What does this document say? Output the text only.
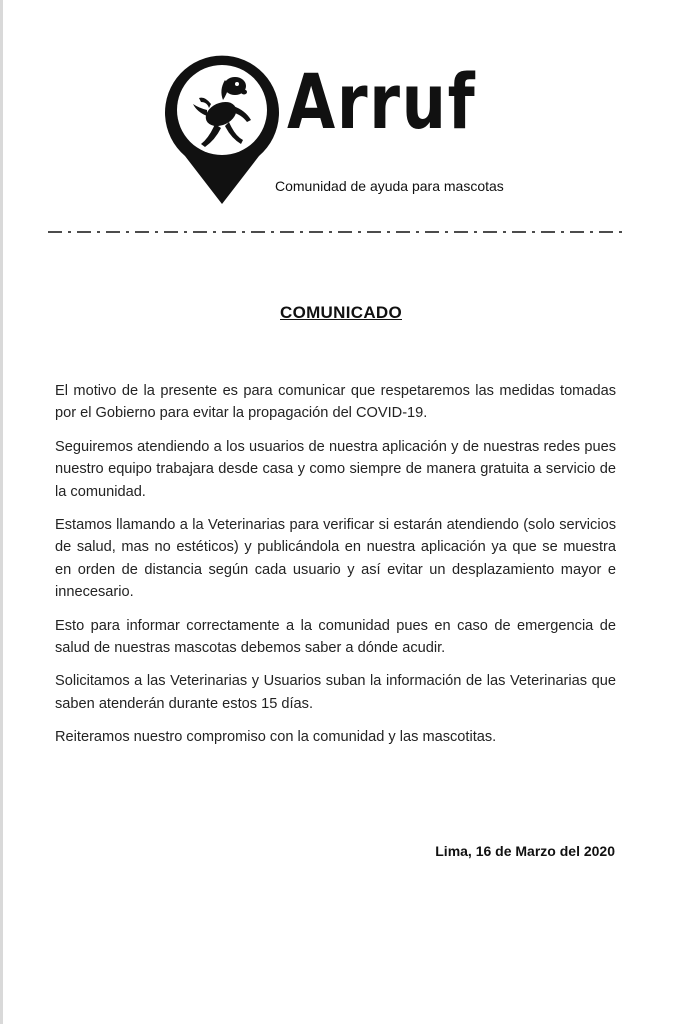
Arruf
Comunidad de ayuda para mascotas
COMUNICADO

El motivo de la presente es para comunicar que respetaremos las medidas tomadas por el Gobierno para evitar la propagación del COVID-19.

Seguiremos atendiendo a los usuarios de nuestra aplicación y de nuestras redes pues nuestro equipo trabajara desde casa y como siempre de manera gratuita a servicio de la comunidad.

Estamos llamando a la Veterinarias para verificar si estarán atendiendo (solo servicios de salud, mas no estéticos) y publicándola en nuestra aplicación ya que se muestra en orden de distancia según cada usuario y así evitar un desplazamiento mayor e innecesario.

Esto para informar correctamente a la comunidad pues en caso de emergencia de salud de nuestras mascotas debemos saber a dónde acudir.

Solicitamos a las Veterinarias y Usuarios suban la información de las Veterinarias que saben atenderán durante estos 15 días.

Reiteramos nuestro compromiso con la comunidad y las mascotitas.

Lima, 16 de Marzo del 2020
